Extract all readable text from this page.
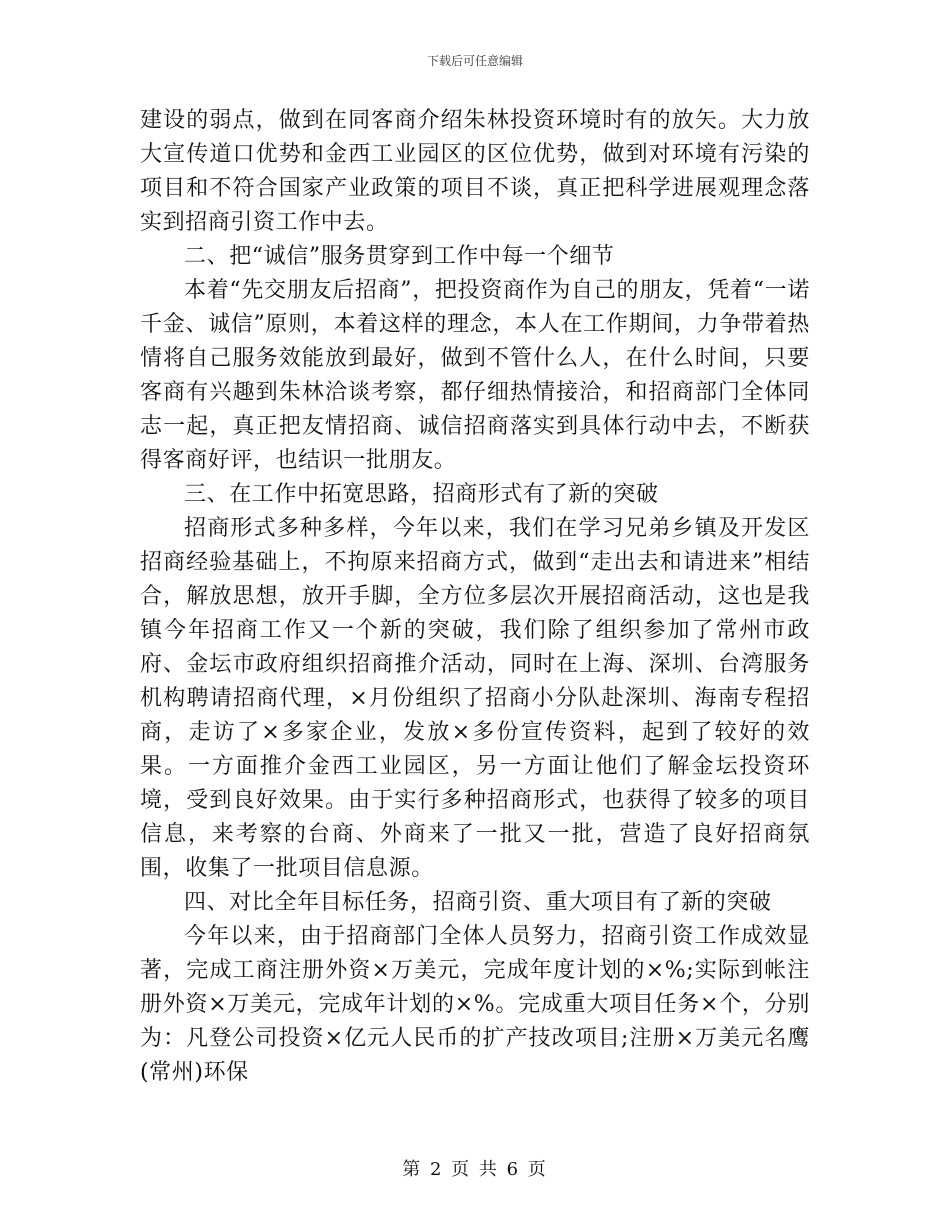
下载后可任意编辑

建设的弱点，做到在同客商介绍朱林投资环境时有的放矢。大力放大宣传道口优势和金西工业园区的区位优势，做到对环境有污染的项目和不符合国家产业政策的项目不谈，真正把科学进展观理念落实到招商引资工作中去。

二、把“诚信”服务贯穿到工作中每一个细节

本着“先交朋友后招商”，把投资商作为自己的朋友，凭着“一诺千金、诚信”原则，本着这样的理念，本人在工作期间，力争带着热情将自己服务效能放到最好，做到不管什么人，在什么时间，只要客商有兴趣到朱林洽谈考察，都仔细热情接洽，和招商部门全体同志一起，真正把友情招商、诚信招商落实到具体行动中去，不断获得客商好评，也结识一批朋友。

三、在工作中拓宽思路，招商形式有了新的突破

招商形式多种多样，今年以来，我们在学习兄弟乡镇及开发区招商经验基础上，不拘原来招商方式，做到“走出去和请进来”相结合，解放思想，放开手脚，全方位多层次开展招商活动，这也是我镇今年招商工作又一个新的突破，我们除了组织参加了常州市政府、金坛市政府组织招商推介活动，同时在上海、深圳、台湾服务机构聘请招商代理，×月份组织了招商小分队赴深圳、海南专程招商，走访了×多家企业，发放×多份宣传资料，起到了较好的效果。一方面推介金西工业园区，另一方面让他们了解金坛投资环境，受到良好效果。由于实行多种招商形式，也获得了较多的项目信息，来考察的台商、外商来了一批又一批，营造了良好招商氛围，收集了一批项目信息源。

四、对比全年目标任务，招商引资、重大项目有了新的突破

今年以来，由于招商部门全体人员努力，招商引资工作成效显著，完成工商注册外资×万美元，完成年度计划的×%;实际到帐注册外资×万美元，完成年计划的×%。完成重大项目任务×个，分别为：凡登公司投资×亿元人民币的扩产技改项目;注册×万美元名鹰(常州)环保

第 2 页 共 6 页
